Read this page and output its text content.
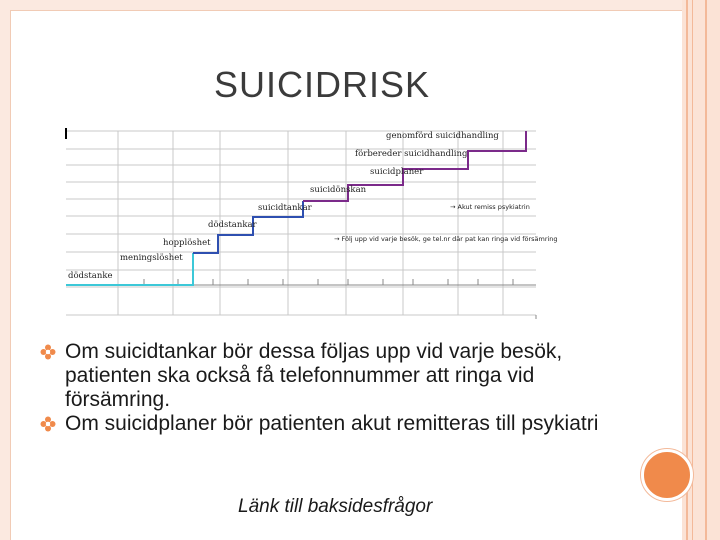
SUICIDRISK
genomförd suicidhandling
förbereder suicidhandling
suicidplaner
suicidönskan
suicidtankar
dödstankar
hopplöshet
meningslöshet
dödstanke
→ Akut remiss psykiatrin
→ Följ upp vid varje besök, ge tel.nr där pat kan ringa vid försämring
Om suicidtankar bör dessa följas upp vid varje besök, patienten ska också få telefonnummer att ringa vid försämring.
Om suicidplaner bör patienten akut remitteras till psykiatri
Länk till baksidesfrågor
